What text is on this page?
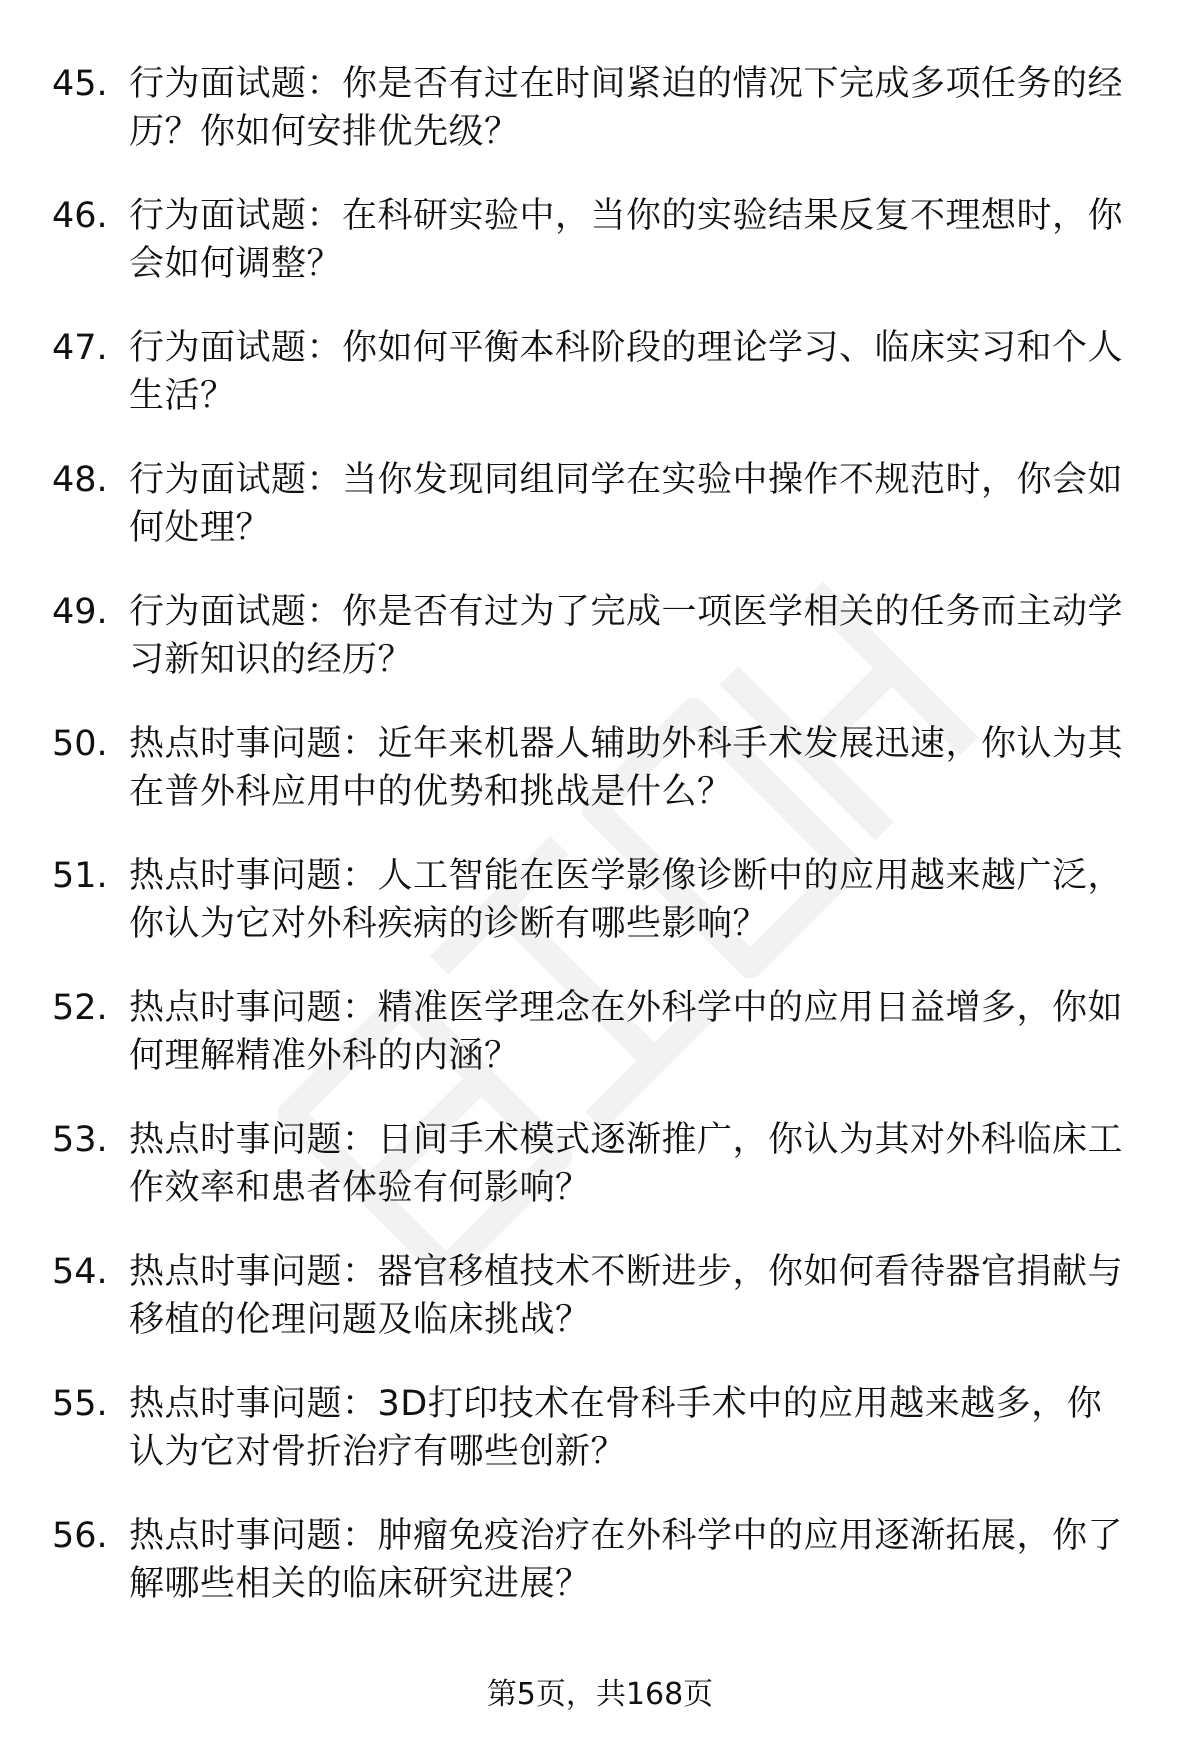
45. 行为面试题：你是否有过在时间紧迫的情况下完成多项任务的经历？你如何安排优先级？
46. 行为面试题：在科研实验中，当你的实验结果反复不理想时，你会如何调整？
47. 行为面试题：你如何平衡本科阶段的理论学习、临床实习和个人生活？
48. 行为面试题：当你发现同组同学在实验中操作不规范时，你会如何处理？
49. 行为面试题：你是否有过为了完成一项医学相关的任务而主动学习新知识的经历？
50. 热点时事问题：近年来机器人辅助外科手术发展迅速，你认为其在普外科应用中的优势和挑战是什么？
51. 热点时事问题：人工智能在医学影像诊断中的应用越来越广泛，你认为它对外科疾病的诊断有哪些影响？
52. 热点时事问题：精准医学理念在外科学中的应用日益增多，你如何理解精准外科的内涵？
53. 热点时事问题：日间手术模式逐渐推广，你认为其对外科临床工作效率和患者体验有何影响？
54. 热点时事问题：器官移植技术不断进步，你如何看待器官捐献与移植的伦理问题及临床挑战？
55. 热点时事问题：3D打印技术在骨科手术中的应用越来越多，你认为它对骨折治疗有哪些创新？
56. 热点时事问题：肿瘤免疫治疗在外科学中的应用逐渐拓展，你了解哪些相关的临床研究进展？
第5页，共168页
